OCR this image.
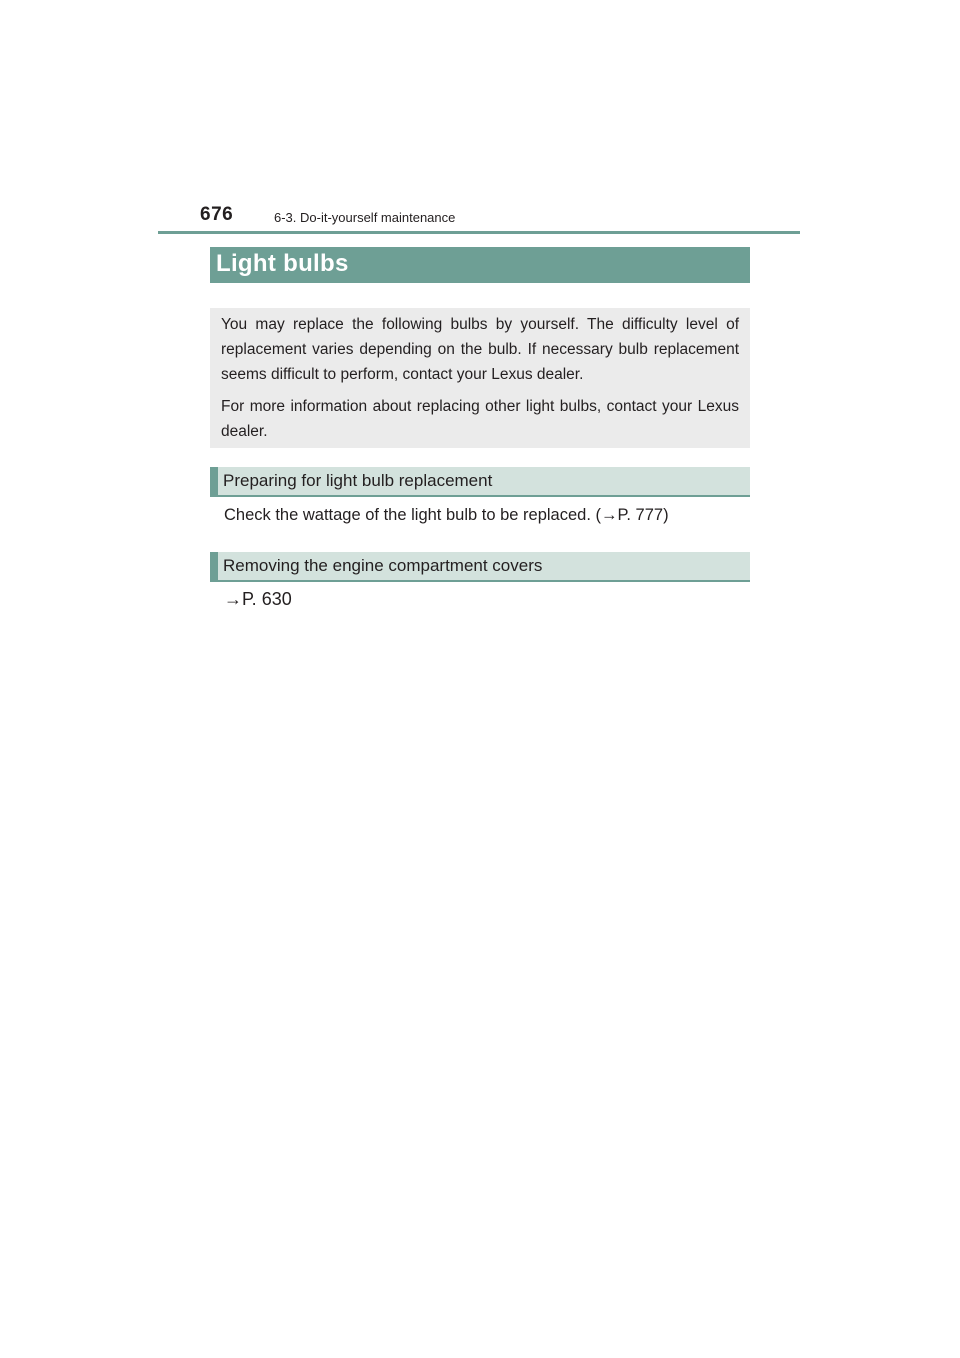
676	6-3. Do-it-yourself maintenance
Light bulbs

You may replace the following bulbs by yourself. The difficulty level of replacement varies depending on the bulb. If necessary bulb replacement seems difficult to perform, contact your Lexus dealer.

For more information about replacing other light bulbs, contact your Lexus dealer.

Preparing for light bulb replacement
Check the wattage of the light bulb to be replaced. (→P. 777)
Removing the engine compartment covers
→P. 630
